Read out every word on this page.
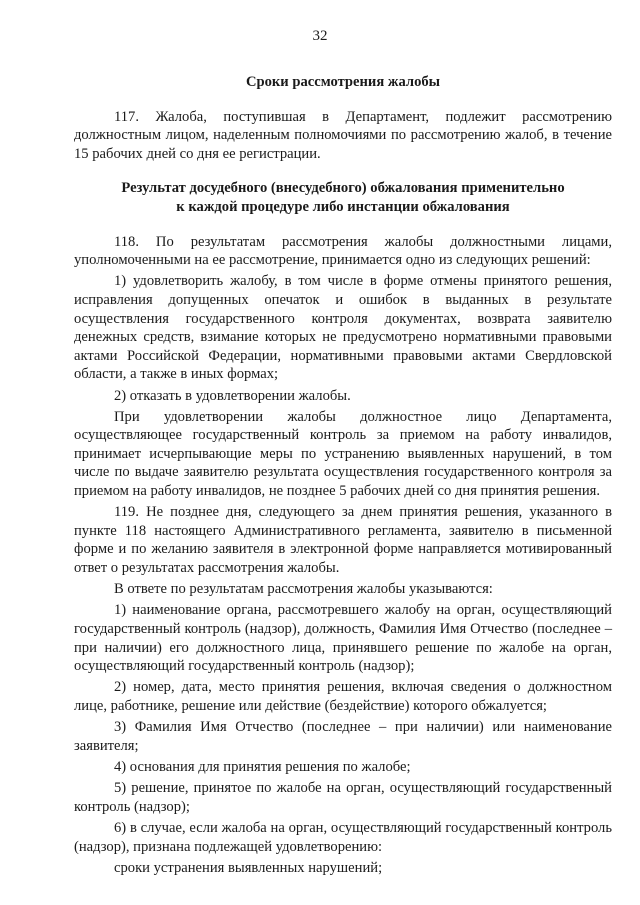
32

Сроки рассмотрения жалобы

117. Жалоба, поступившая в Департамент, подлежит рассмотрению должностным лицом, наделенным полномочиями по рассмотрению жалоб, в течение 15 рабочих дней со дня ее регистрации.

Результат досудебного (внесудебного) обжалования применительно
к каждой процедуре либо инстанции обжалования

118. По результатам рассмотрения жалобы должностными лицами, уполномоченными на ее рассмотрение, принимается одно из следующих решений:

1) удовлетворить жалобу, в том числе в форме отмены принятого решения, исправления допущенных опечаток и ошибок в выданных в результате осуществления государственного контроля документах, возврата заявителю денежных средств, взимание которых не предусмотрено нормативными правовыми актами Российской Федерации, нормативными правовыми актами Свердловской области, а также в иных формах;

2) отказать в удовлетворении жалобы.

При удовлетворении жалобы должностное лицо Департамента, осуществляющее государственный контроль за приемом на работу инвалидов, принимает исчерпывающие меры по устранению выявленных нарушений, в том числе по выдаче заявителю результата осуществления государственного контроля за приемом на работу инвалидов, не позднее 5 рабочих дней со дня принятия решения.

119. Не позднее дня, следующего за днем принятия решения, указанного в пункте 118 настоящего Административного регламента, заявителю в письменной форме и по желанию заявителя в электронной форме направляется мотивированный ответ о результатах рассмотрения жалобы.

В ответе по результатам рассмотрения жалобы указываются:

1) наименование органа, рассмотревшего жалобу на орган, осуществляющий государственный контроль (надзор), должность, Фамилия Имя Отчество (последнее – при наличии) его должностного лица, принявшего решение по жалобе на орган, осуществляющий государственный контроль (надзор);

2) номер, дата, место принятия решения, включая сведения о должностном лице, работнике, решение или действие (бездействие) которого обжалуется;

3) Фамилия Имя Отчество (последнее – при наличии) или наименование заявителя;

4) основания для принятия решения по жалобе;

5) решение, принятое по жалобе на орган, осуществляющий государственный контроль (надзор);

6) в случае, если жалоба на орган, осуществляющий государственный контроль (надзор), признана подлежащей удовлетворению:

сроки устранения выявленных нарушений;
